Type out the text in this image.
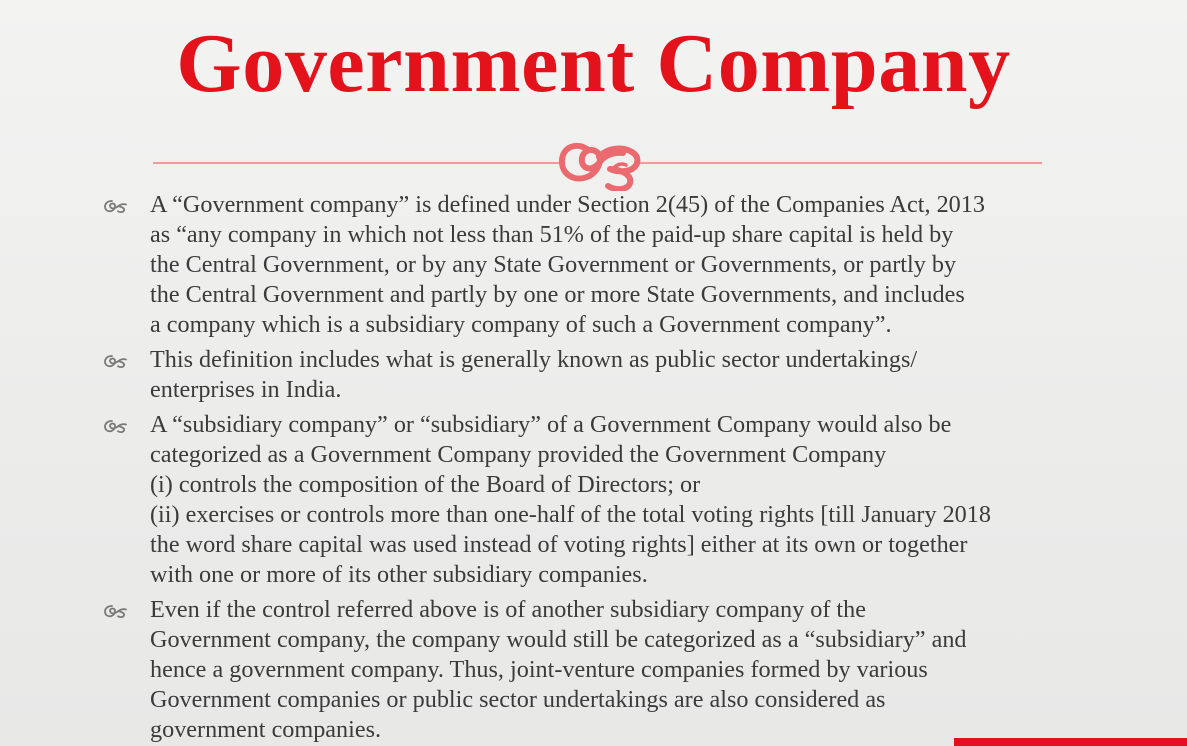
Government Company
A “Government company” is defined under Section 2(45) of the Companies Act, 2013
as “any company in which not less than 51% of the paid-up share capital is held by
the Central Government, or by any State Government or Governments, or partly by
the Central Government and partly by one or more State Governments, and includes
a company which is a subsidiary company of such a Government company”.
This definition includes what is generally known as public sector undertakings/
enterprises in India.
A “subsidiary company” or “subsidiary” of a Government Company would also be
categorized as a Government Company provided the Government Company
(i) controls the composition of the Board of Directors; or
(ii) exercises or controls more than one-half of the total voting rights [till January 2018
the word share capital was used instead of voting rights] either at its own or together
with one or more of its other subsidiary companies.
Even if the control referred above is of another subsidiary company of the
Government company, the company would still be categorized as a “subsidiary” and
hence a government company. Thus, joint-venture companies formed by various
Government companies or public sector undertakings are also considered as
government companies.
